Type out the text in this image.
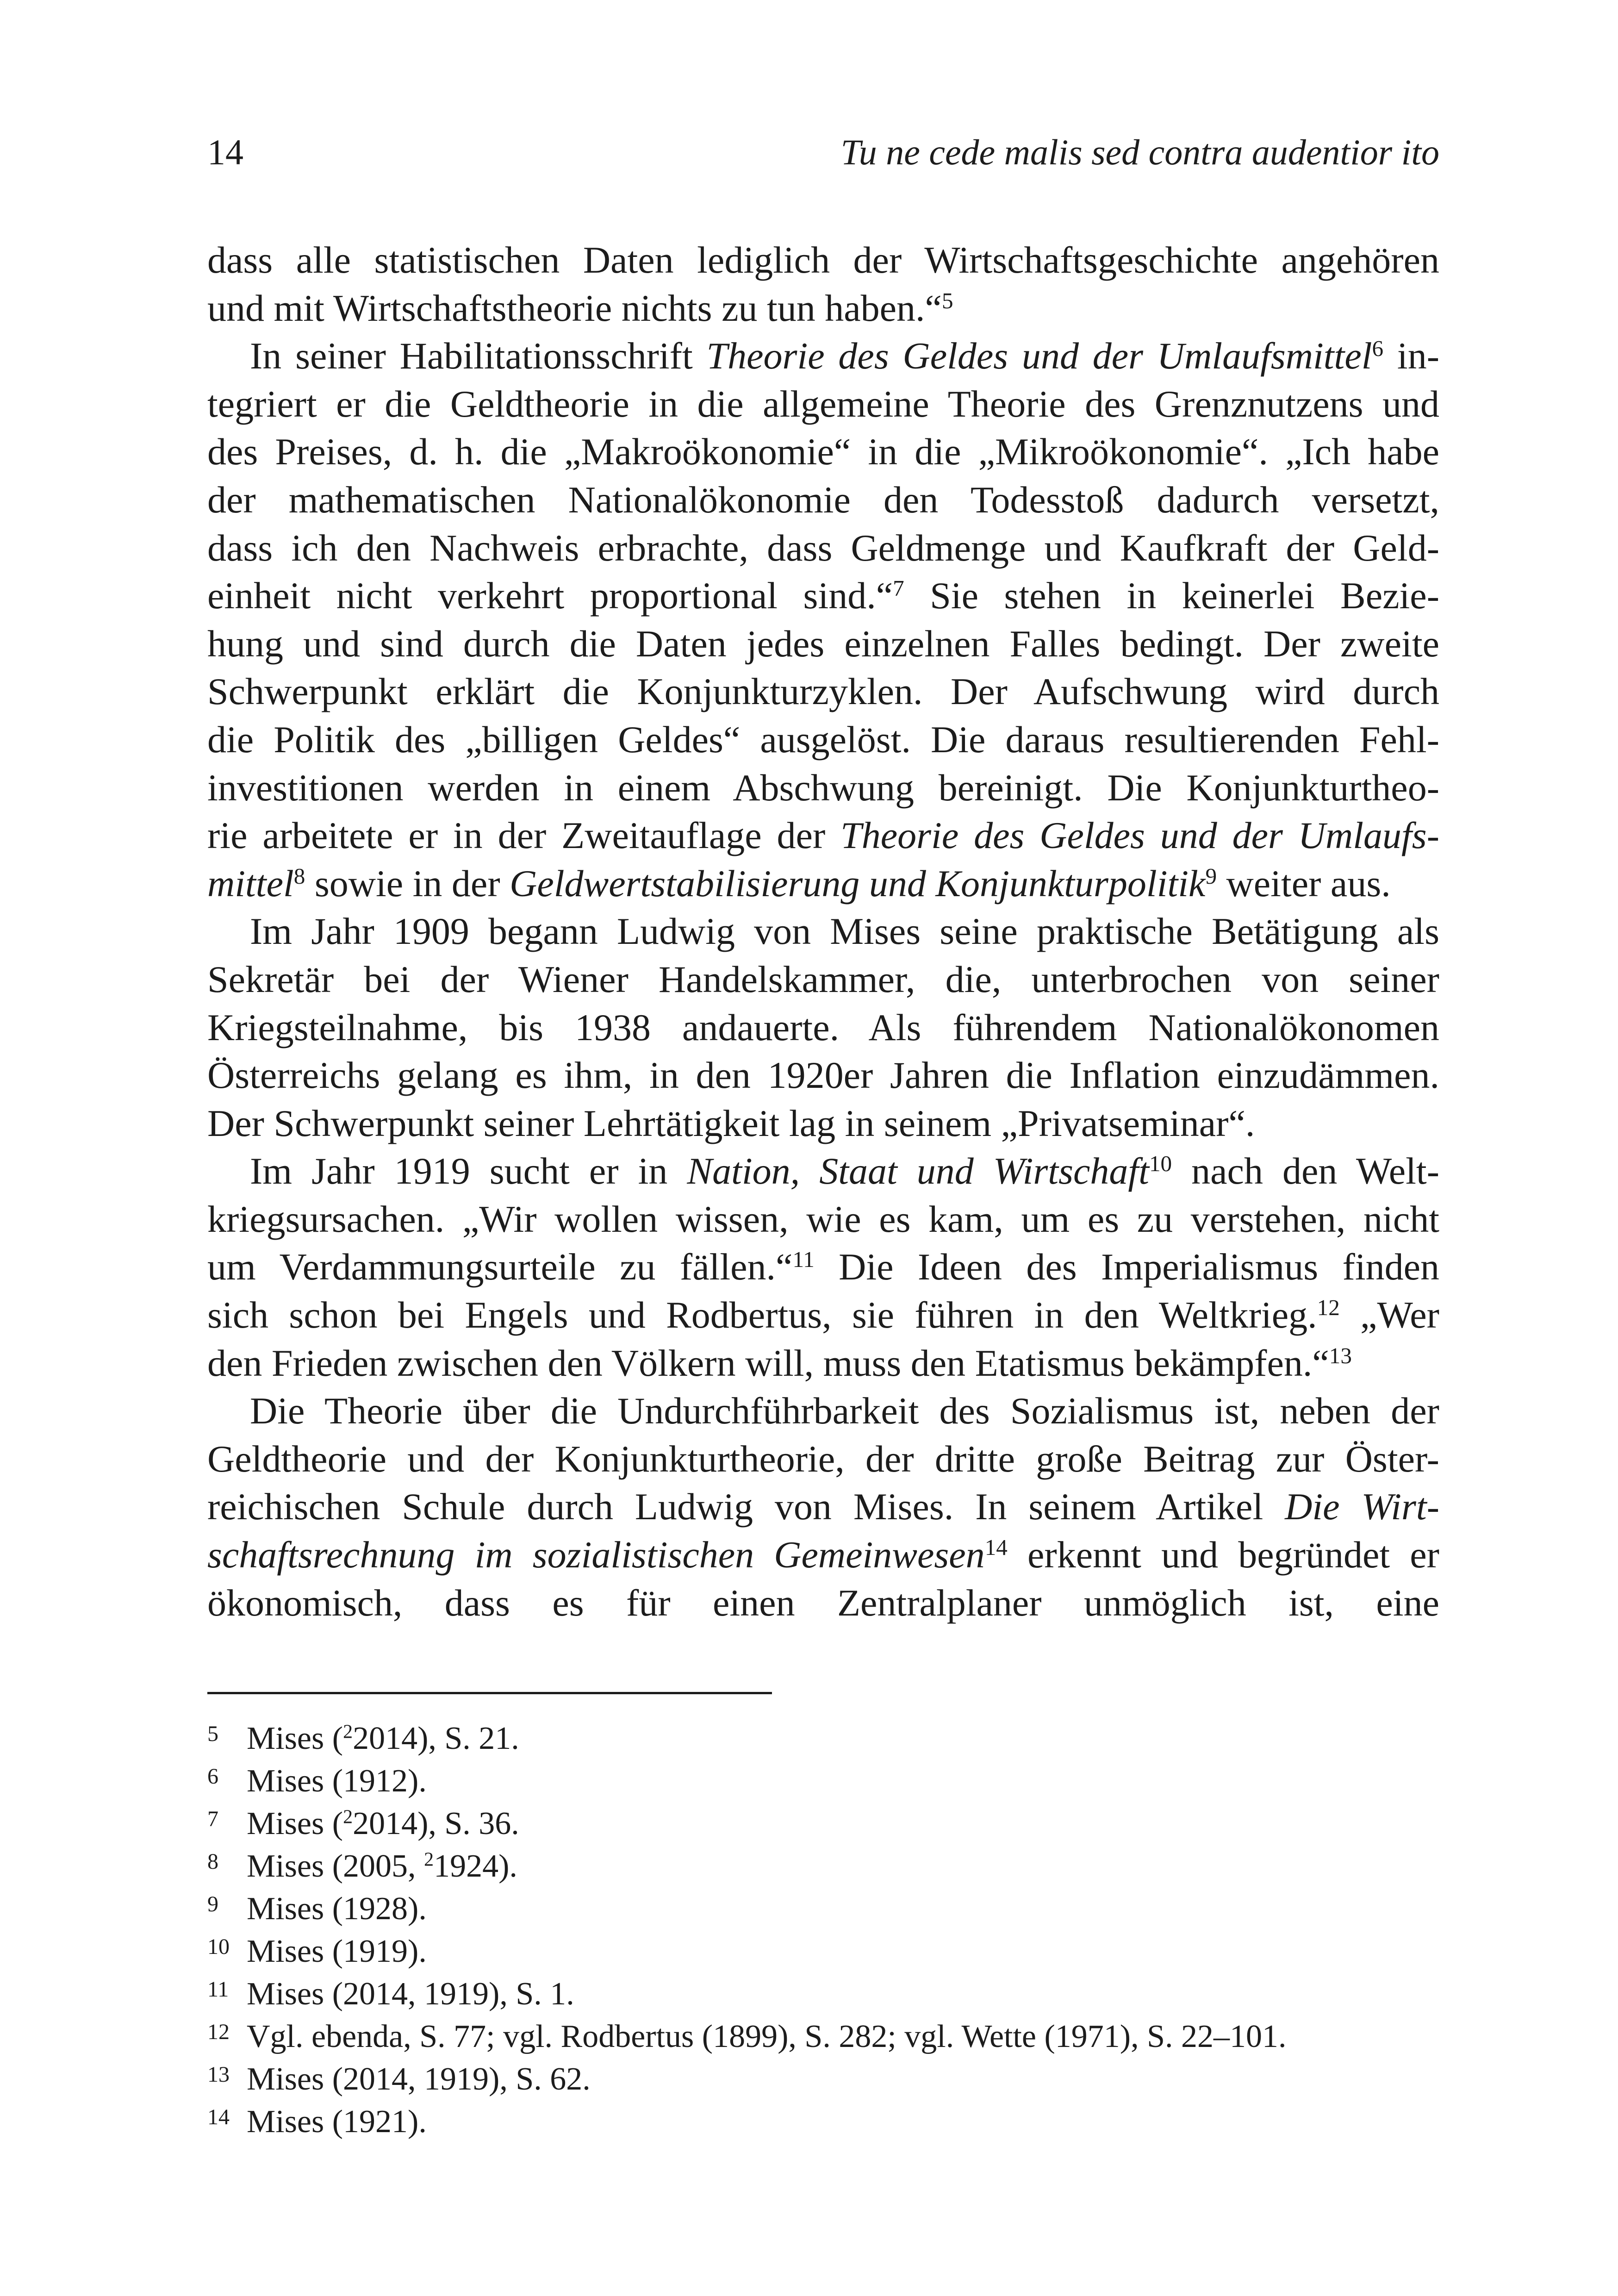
14	Tu ne cede malis sed contra audentior ito
dass alle statistischen Daten lediglich der Wirtschaftsgeschichte angehören
und mit Wirtschaftstheorie nichts zu tun haben.“$^5$
In seiner Habilitationsschrift Theorie des Geldes und der Umlaufsmittel$^6$ in-
tegriert er die Geldtheorie in die allgemeine Theorie des Grenznutzens und
des Preises, d. h. die „Makroökonomie“ in die „Mikroökonomie“. „Ich habe
der mathematischen Nationalökonomie den Todesstoß dadurch versetzt,
dass ich den Nachweis erbrachte, dass Geldmenge und Kaufkraft der Geld-
einheit nicht verkehrt proportional sind.“$^7$ Sie stehen in keinerlei Bezie-
hung und sind durch die Daten jedes einzelnen Falles bedingt. Der zweite
Schwerpunkt erklärt die Konjunkturzyklen. Der Aufschwung wird durch
die Politik des „billigen Geldes“ ausgelöst. Die daraus resultierenden Fehl-
investitionen werden in einem Abschwung bereinigt. Die Konjunkturtheo-
rie arbeitete er in der Zweitauflage der Theorie des Geldes und der Umlaufs-
mittel$^8$ sowie in der Geldwertstabilisierung und Konjunkturpolitik$^9$ weiter aus.
Im Jahr 1909 begann Ludwig von Mises seine praktische Betätigung als
Sekretär bei der Wiener Handelskammer, die, unterbrochen von seiner
Kriegsteilnahme, bis 1938 andauerte. Als führendem Nationalökonomen
Österreichs gelang es ihm, in den 1920er Jahren die Inflation einzudämmen.
Der Schwerpunkt seiner Lehrtätigkeit lag in seinem „Privatseminar“.
Im Jahr 1919 sucht er in Nation, Staat und Wirtschaft$^{10}$ nach den Welt-
kriegsursachen. „Wir wollen wissen, wie es kam, um es zu verstehen, nicht
um Verdammungsurteile zu fällen.“$^{11}$ Die Ideen des Imperialismus finden
sich schon bei Engels und Rodbertus, sie führen in den Weltkrieg.$^{12}$ „Wer
den Frieden zwischen den Völkern will, muss den Etatismus bekämpfen.“$^{13}$
Die Theorie über die Undurchführbarkeit des Sozialismus ist, neben der
Geldtheorie und der Konjunkturtheorie, der dritte große Beitrag zur Öster-
reichischen Schule durch Ludwig von Mises. In seinem Artikel Die Wirt-
schaftsrechnung im sozialistischen Gemeinwesen$^{14}$ erkennt und begründet er
ökonomisch, dass es für einen Zentralplaner unmöglich ist, eine
5 Mises ($^2$2014), S. 21.
6 Mises (1912).
7 Mises ($^2$2014), S. 36.
8 Mises (2005, $^2$1924).
9 Mises (1928).
10 Mises (1919).
11 Mises (2014, 1919), S. 1.
12 Vgl. ebenda, S. 77; vgl. Rodbertus (1899), S. 282; vgl. Wette (1971), S. 22–101.
13 Mises (2014, 1919), S. 62.
14 Mises (1921).
